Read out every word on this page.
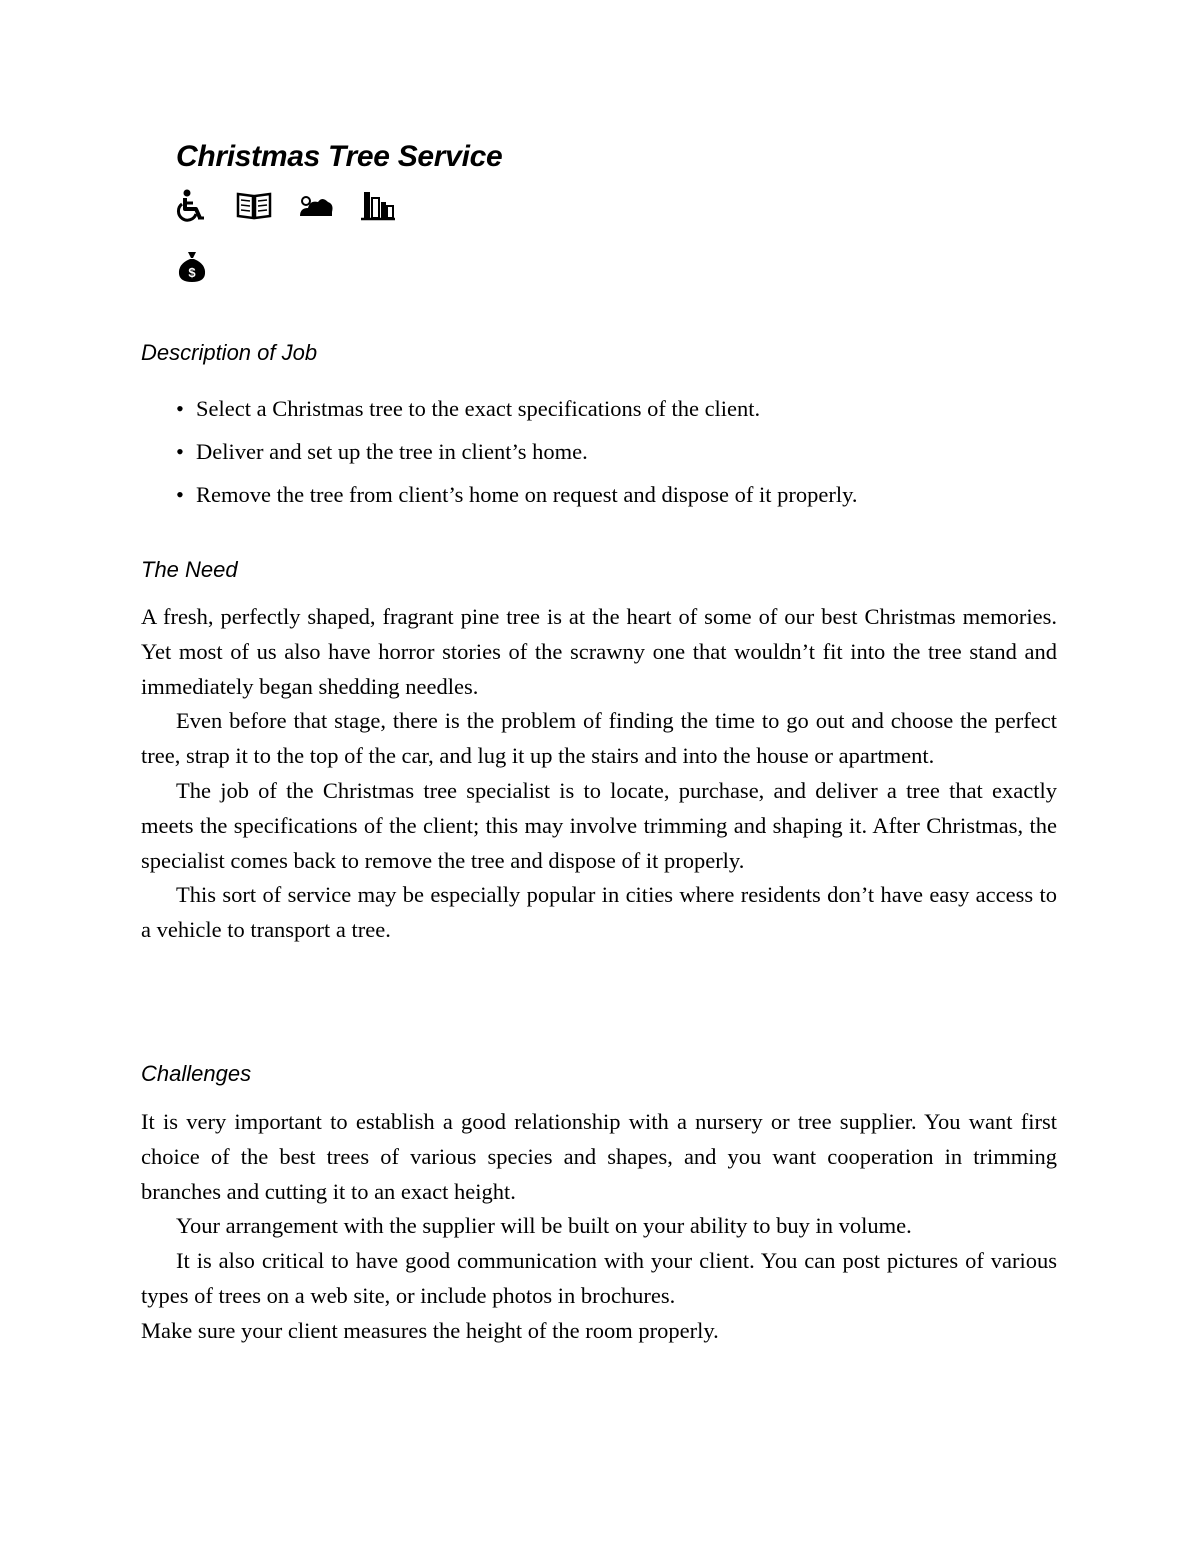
Christmas Tree Service
$
Description of Job
• Select a Christmas tree to the exact specifications of the client.
• Deliver and set up the tree in client’s home.
• Remove the tree from client’s home on request and dispose of it properly.
The Need

A fresh, perfectly shaped, fragrant pine tree is at the heart of some of our best Christmas memories. Yet most of us also have horror stories of the scrawny one that wouldn’t fit into the tree stand and immediately began shedding needles.

Even before that stage, there is the problem of finding the time to go out and choose the perfect tree, strap it to the top of the car, and lug it up the stairs and into the house or apartment.

The job of the Christmas tree specialist is to locate, purchase, and deliver a tree that exactly meets the specifications of the client; this may involve trimming and shaping it. After Christmas, the specialist comes back to remove the tree and dispose of it properly.

This sort of service may be especially popular in cities where residents don’t have easy access to a vehicle to transport a tree.

Challenges

It is very important to establish a good relationship with a nursery or tree supplier. You want first choice of the best trees of various species and shapes, and you want cooperation in trimming branches and cutting it to an exact height.

Your arrangement with the supplier will be built on your ability to buy in volume.

It is also critical to have good communication with your client. You can post pictures of various types of trees on a web site, or include photos in brochures.

Make sure your client measures the height of the room properly.
